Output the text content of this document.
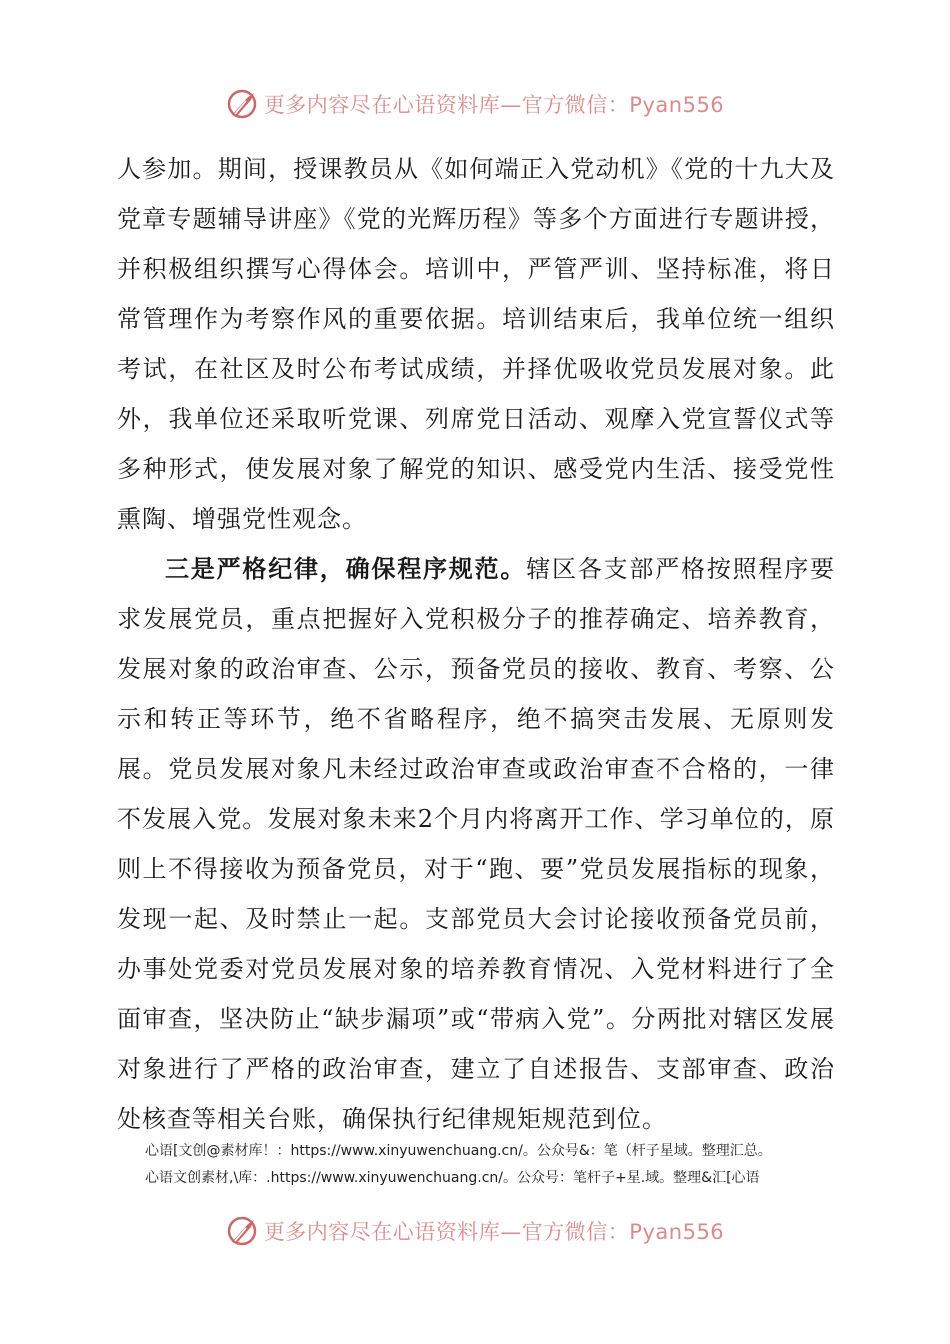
更多内容尽在心语资料库—官方微信：Pyan556

人参加。期间，授课教员从《如何端正入党动机》《党的十九大及党章专题辅导讲座》《党的光辉历程》等多个方面进行专题讲授，并积极组织撰写心得体会。培训中，严管严训、坚持标准，将日常管理作为考察作风的重要依据。培训结束后，我单位统一组织考试，在社区及时公布考试成绩，并择优吸收党员发展对象。此外，我单位还采取听党课、列席党日活动、观摩入党宣誓仪式等多种形式，使发展对象了解党的知识、感受党内生活、接受党性熏陶、增强党性观念。

三是严格纪律，确保程序规范。辖区各支部严格按照程序要求发展党员，重点把握好入党积极分子的推荐确定、培养教育，发展对象的政治审查、公示，预备党员的接收、教育、考察、公示和转正等环节，绝不省略程序，绝不搞突击发展、无原则发展。党员发展对象凡未经过政治审查或政治审查不合格的，一律不发展入党。发展对象未来2个月内将离开工作、学习单位的，原则上不得接收为预备党员，对于“跑、要”党员发展指标的现象，发现一起、及时禁止一起。支部党员大会讨论接收预备党员前，办事处党委对党员发展对象的培养教育情况、入党材料进行了全面审查，坚决防止“缺步漏项”或“带病入党”。分两批对辖区发展对象进行了严格的政治审查，建立了自述报告、支部审查、政治处核查等相关台账，确保执行纪律规矩规范到位。

心语[文创@素材库！：https://www.xinyuwenchuang.cn/。公众号&：笔（杆子星域。整理汇总。
心语文创素材,\库：.https://www.xinyuwenchuang.cn/。公众号：笔杆子+星.域。整理&汇[心语
更多内容尽在心语资料库—官方微信：Pyan556
